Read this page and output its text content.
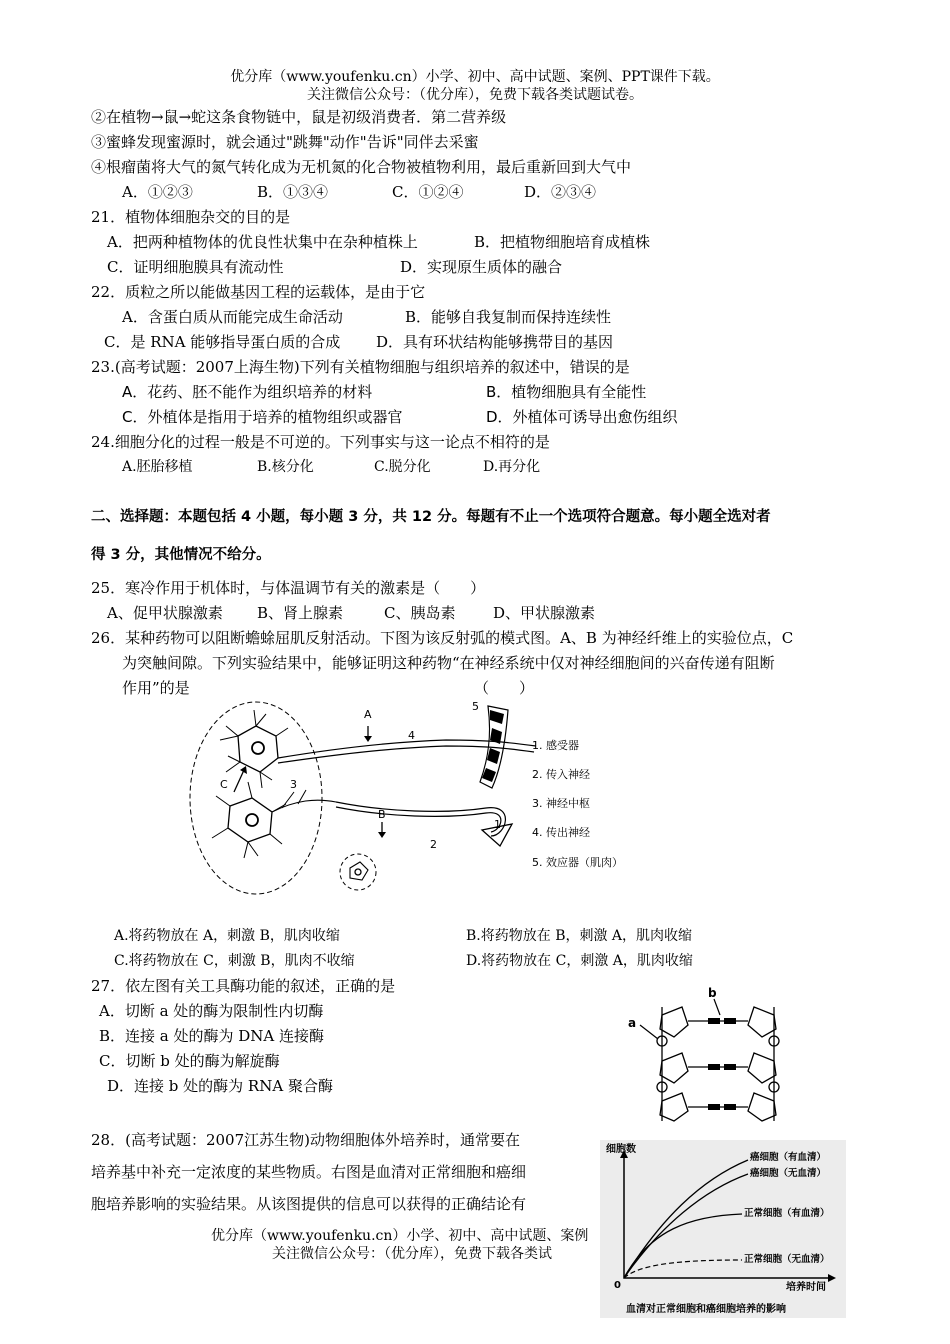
优分库（www.youfenku.cn）小学、初中、高中试题、案例、PPT课件下载。
关注微信公众号：（优分库），免费下载各类试题试卷。
②在植物→鼠→蛇这条食物链中，鼠是初级消费者．第二营养级
③蜜蜂发现蜜源时，就会通过"跳舞"动作"告诉"同伴去采蜜
④根瘤菌将大气的氮气转化成为无机氮的化合物被植物利用，最后重新回到大气中
A．①②③	B．①③④	C．①②④	D．②③④
21．植物体细胞杂交的目的是
A．把两种植物体的优良性状集中在杂种植株上	B．把植物细胞培育成植株
C．证明细胞膜具有流动性	D．实现原生质体的融合
22．质粒之所以能做基因工程的运载体，是由于它
A．含蛋白质从而能完成生命活动	B．能够自我复制而保持连续性
C．是 RNA 能够指导蛋白质的合成 D．具有环状结构能够携带目的基因
23.(高考试题：2007上海生物)下列有关植物细胞与组织培养的叙述中，错误的是
A．花药、胚不能作为组织培养的材料	B．植物细胞具有全能性
C．外植体是指用于培养的植物组织或器官	D．外植体可诱导出愈伤组织
24.细胞分化的过程一般是不可逆的。下列事实与这一论点不相符的是
A.胚胎移植	B.核分化	C.脱分化	D.再分化
二、选择题：本题包括 4 小题，每小题 3 分，共 12 分。每题有不止一个选项符合题意。每小题全选对者
得 3 分，其他情况不给分。
25．寒冷作用于机体时，与体温调节有关的激素是（　　）
A、促甲状腺激素 B、肾上腺素	C、胰岛素	D、甲状腺激素
26．某种药物可以阻断蟾蜍屈肌反射活动。下图为该反射弧的模式图。A、B 为神经纤维上的实验位点，C
为突触间隙。下列实验结果中，能够证明这种药物“在神经系统中仅对神经细胞间的兴奋传递有阻断
作用”的是	（　　）
A
B
C
1
2
3
4
5
1. 感受器
2. 传入神经
3. 神经中枢
4. 传出神经
5. 效应器（肌肉）
A.将药物放在 A，刺激 B，肌肉收缩	B.将药物放在 B，刺激 A，肌肉收缩
C.将药物放在 C，刺激 B，肌肉不收缩	D.将药物放在 C，刺激 A，肌肉收缩
27．依左图有关工具酶功能的叙述，正确的是
A．切断 a 处的酶为限制性内切酶
B．连接 a 处的酶为 DNA 连接酶
C．切断 b 处的酶为解旋酶
D．连接 b 处的酶为 RNA 聚合酶
a
b
28．(高考试题：2007江苏生物)动物细胞体外培养时，通常要在
培养基中补充一定浓度的某些物质。右图是血清对正常细胞和癌细
胞培养影响的实验结果。从该图提供的信息可以获得的正确结论有
细胞数
0	培养时间
癌细胞（有血清）
癌细胞（无血清）
正常细胞（有血清）
正常细胞（无血清）
血清对正常细胞和癌细胞培养的影响
优分库（www.youfenku.cn）小学、初中、高中试题、案例
关注微信公众号：（优分库），免费下载各类试
